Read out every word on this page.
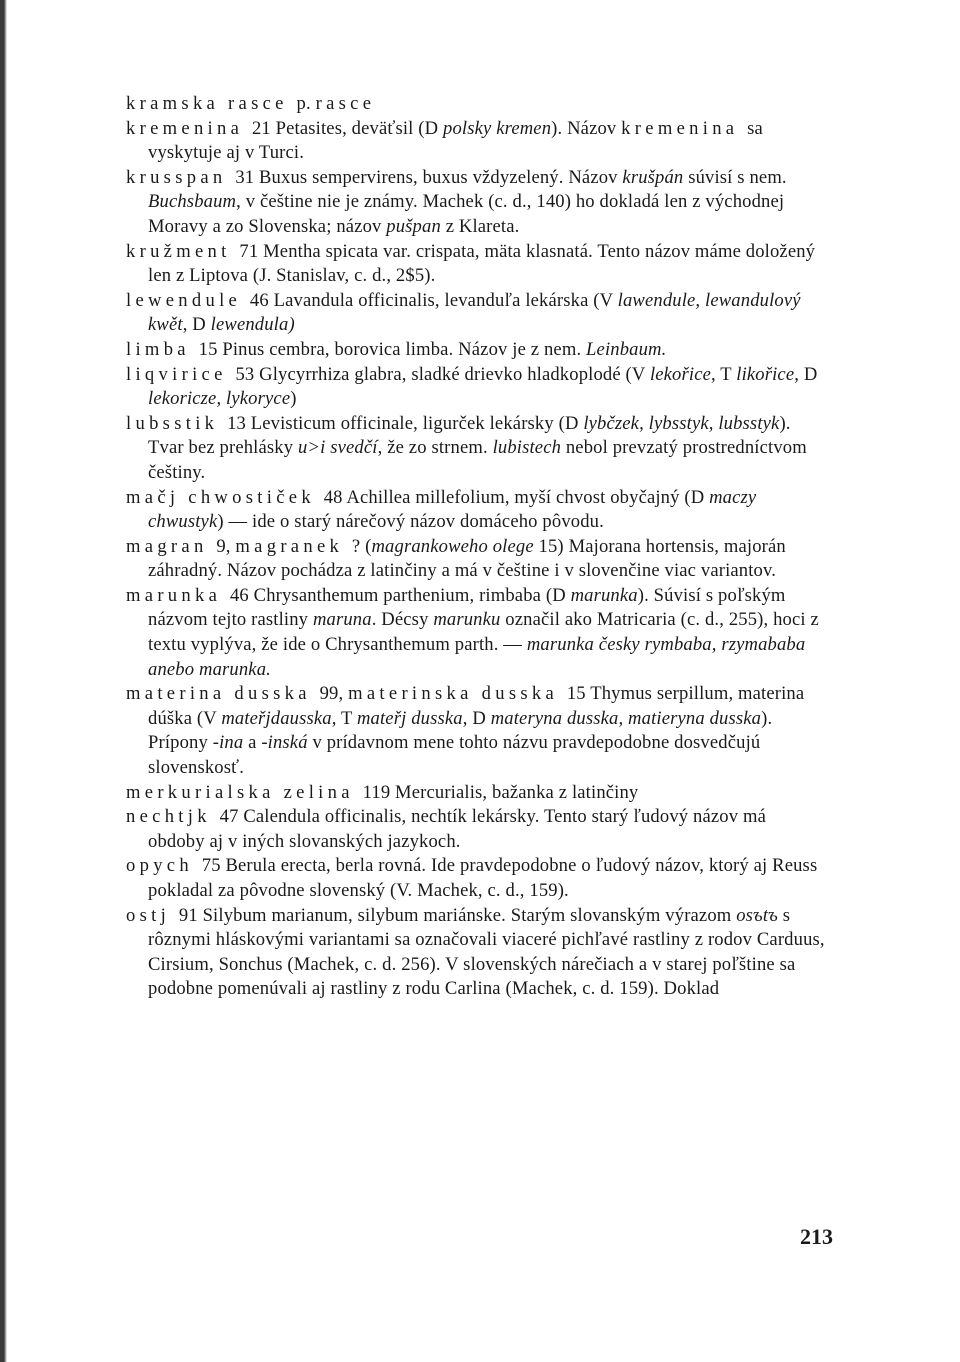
kramska rasce p. rasce

kremenina 21 Petasites, deväťsil (D polsky kremen). Názov kremenina sa vyskytuje aj v Turci.

krusspan 31 Buxus sempervirens, buxus vždyzelený. Názov krušpán súvisí s nem. Buchsbaum, v češtine nie je známy. Machek (c. d., 140) ho dokladá len z východnej Moravy a zo Slovenska; názov pušpan z Klareta.

kružment 71 Mentha spicata var. crispata, mäta klasnatá. Tento názov máme doložený len z Liptova (J. Stanislav, c. d., 2$5).

lewendule 46 Lavandula officinalis, levanduľa lekárska (V lawendule, lewandulový kwět, D lewendula)

limba 15 Pinus cembra, borovica limba. Názov je z nem. Leinbaum.

liqvirice 53 Glycyrrhiza glabra, sladké drievko hladkoplodé (V lekořice, T likořice, D lekoricze, lykoryce)

lubsstik 13 Levisticum officinale, ligurček lekársky (D lybčzek, lybsstyk, lubsstyk). Tvar bez prehlásky u>i svedčí, že zo strnem. lubistech nebol prevzatý prostredníctvom češtiny.

mačj chwostiček 48 Achillea millefolium, myší chvost obyčajný (D maczy chwustyk) — ide o starý nárečový názov domáceho pôvodu.

magran 9, magranek ? (magrankoweho olege 15) Majorana hortensis, majorán záhradný. Názov pochádza z latinčiny a má v češtine i v slovenčine viac variantov.

marunka 46 Chrysanthemum parthenium, rimbaba (D marunka). Súvisí s poľským názvom tejto rastliny maruna. Décsy marunku označil ako Matricaria (c. d., 255), hoci z textu vyplýva, že ide o Chrysanthemum parth. — marunka česky rymbaba, rzymababa anebo marunka.

materina dusska 99, materinska dusska 15 Thymus serpillum, materina dúška (V mateřjdausska, T mateřj dusska, D materyna dusska, matieryna dusska). Prípony -ina a -inská v prídavnom mene tohto názvu pravdepodobne dosvedčujú slovenskosť.

merkurialska zelina 119 Mercurialis, bažanka z latinčiny

nechtjk 47 Calendula officinalis, nechtík lekársky. Tento starý ľudový názov má obdoby aj v iných slovanských jazykoch.

opych 75 Berula erecta, berla rovná. Ide pravdepodobne o ľudový názov, ktorý aj Reuss pokladal za pôvodne slovenský (V. Machek, c. d., 159).

ostj 91 Silybum marianum, silybum mariánske. Starým slovanským výrazom оsъtъ s rôznymi hláskovými variantami sa označovali viaceré pichľavé rastliny z rodov Carduus, Cirsium, Sonchus (Machek, c. d. 256). V slovenských nárečiach a v starej poľštine sa podobne pomenúvali aj rastliny z rodu Carlina (Machek, c. d. 159). Doklad

213
